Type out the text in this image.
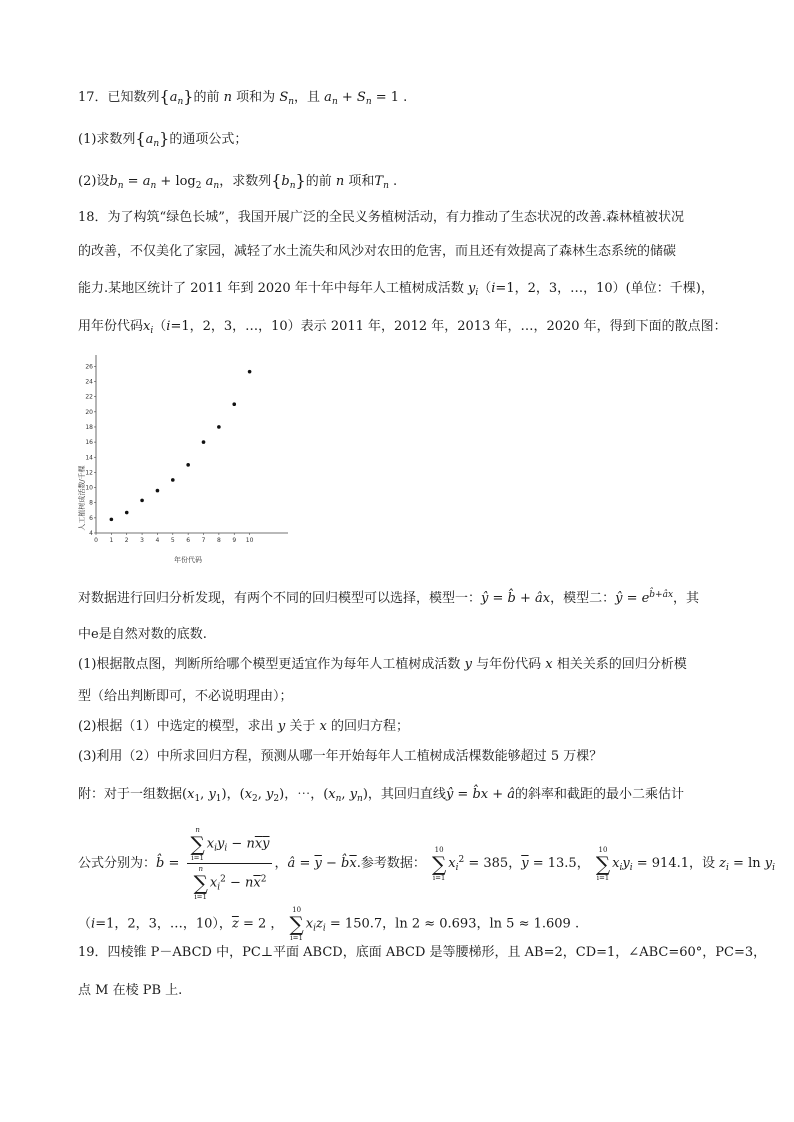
17．已知数列$\{a_n\}$的前 n 项和为 $S_n$，且 $a_n + S_n = 1$ .
(1)求数列$\{a_n\}$的通项公式；
(2)设$b_n = a_n + \log_2 a_n$，求数列$\{b_n\}$的前 n 项和$T_n$ .
18．为了构筑“绿色长城”，我国开展广泛的全民义务植树活动，有力推动了生态状况的改善.森林植被状况
的改善，不仅美化了家园，减轻了水土流失和风沙对农田的危害，而且还有效提高了森林生态系统的储碳
能力.某地区统计了 2011 年到 2020 年十年中每年人工植树成活数 $y_i(i=1$，2，3，…，10）(单位：千棵)，
用年份代码$x_i(i=1$，2，3，…，10）表示 2011 年，2012 年，2013 年，…，2020 年，得到下面的散点图：
4
6
8
10
12
14
16
18
20
22
24
26
0 1 2 3 4 5 6 7 8 9 10
年份代码
人工植树成活数/千棵
对数据进行回归分析发现，有两个不同的回归模型可以选择，模型一：ŷ = b̂ + âx，模型二：ŷ = $e^{b̂+âx}$，其
中e是自然对数的底数.
(1)根据散点图，判断所给哪个模型更适宜作为每年人工植树成活数 y 与年份代码 x 相关关系的回归分析模
型（给出判断即可，不必说明理由）；
(2)根据（1）中选定的模型，求出 y 关于 x 的回归方程；
(3)利用（2）中所求回归方程，预测从哪一年开始每年人工植树成活棵数能够超过 5 万棵？
附：对于一组数据($x_1$, $y_1$)，($x_2$, $y_2$)，⋯，($x_n$, $y_n$)，其回归直线ŷ = b̂x + â的斜率和截距的最小二乘估计
公式分别为：b̂ = n
∑
i=1
$x_iy_i - n\overline{x}\overline{y}$
n
∑
i=1
$x_i^2 - n\overline{x}^2$ ，â = $\overline{y}$ − $b̂\overline{x}$.参考数据：
10
∑
i=1
$x_i^2 = 385$，$\overline{y} = 13.5$，
10
∑
i=1
$x_iy_i = 914.1$，设 $z_i = \ln y_i$
（i=1，2，3，…，10），$\overline{z} = 2$ ，
10
∑
i=1
$x_iz_i = 150.7$，ln 2 ≈ 0.693，ln 5 ≈ 1.609 .
19．四棱锥 P－ABCD 中，PC⊥平面 ABCD，底面 ABCD 是等腰梯形，且 AB=2，CD=1，∠ABC=60°，PC=3，
点 M 在棱 PB 上.
